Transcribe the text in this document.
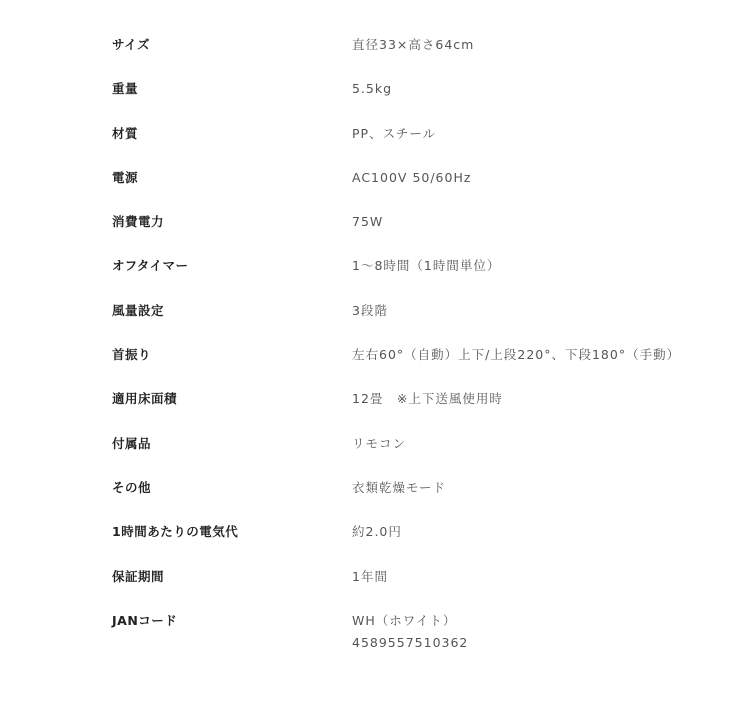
サイズ	直径33×高さ64cm
重量	5.5kg
材質	PP、スチール
電源	AC100V 50/60Hz
消費電力	75W
オフタイマー	1～8時間（1時間単位）
風量設定	3段階
首振り	左右60°（自動）上下/上段220°、下段180°（手動）
適用床面積	12畳　※上下送風使用時
付属品	リモコン
その他	衣類乾燥モード
1時間あたりの電気代	約2.0円
保証期間	1年間
JANコード	WH（ホワイト）
4589557510362
